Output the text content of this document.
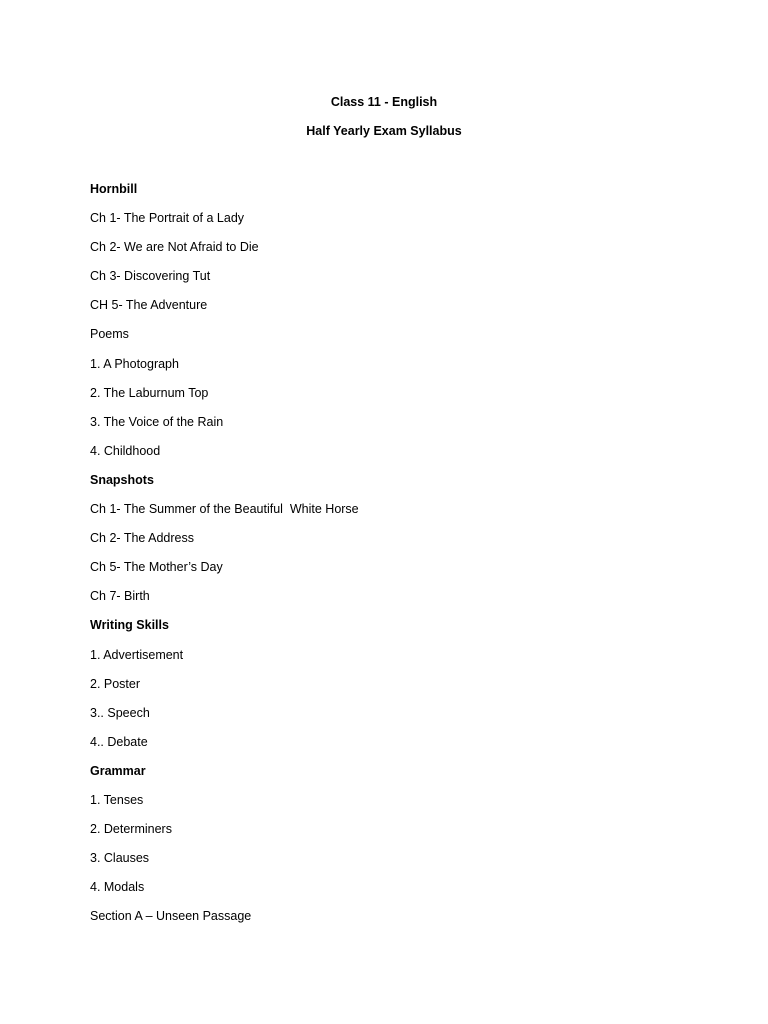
Class 11 - English

Half Yearly Exam Syllabus

Hornbill
Ch 1- The Portrait of a Lady
Ch 2- We are Not Afraid to Die
Ch 3- Discovering Tut
CH 5- The Adventure
Poems
1. A Photograph
2. The Laburnum Top
3. The Voice of the Rain
4. Childhood
Snapshots
Ch 1- The Summer of the Beautiful  White Horse
Ch 2- The Address
Ch 5- The Mother’s Day
Ch 7- Birth
Writing Skills
1. Advertisement
2. Poster
3.. Speech
4.. Debate
Grammar
1. Tenses
2. Determiners
3. Clauses
4. Modals
Section A – Unseen Passage
